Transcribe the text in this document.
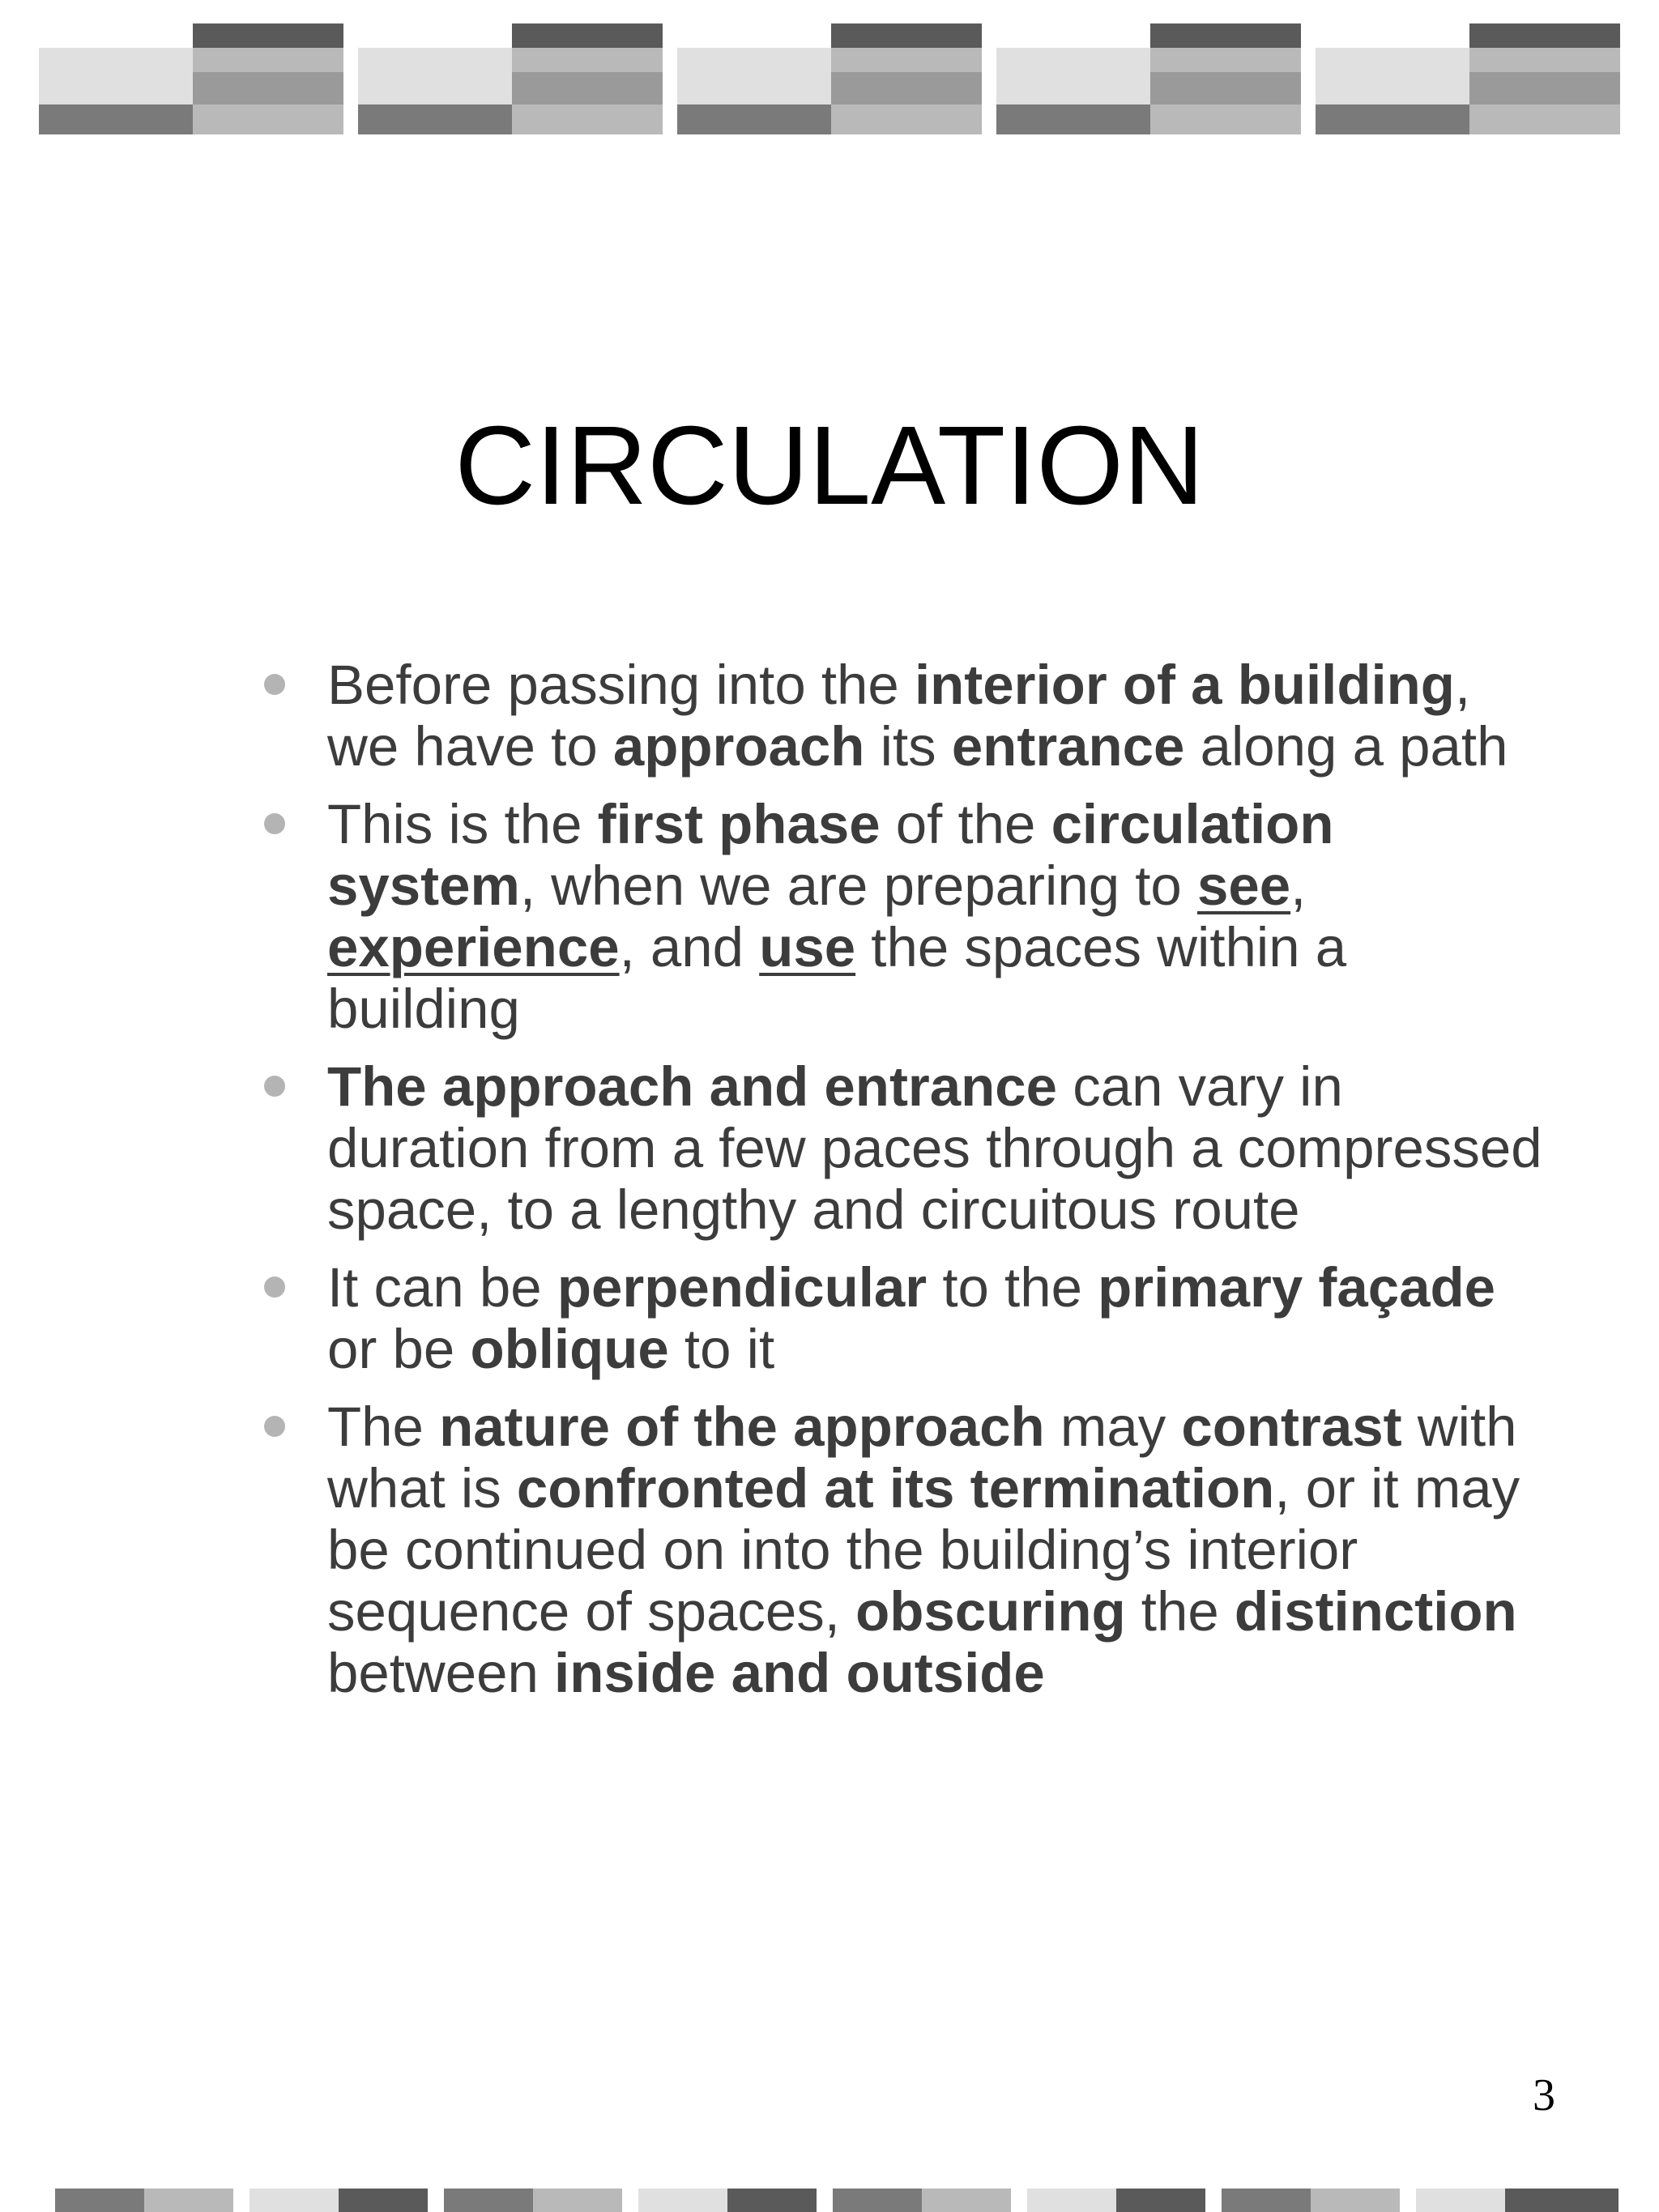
CIRCULATION
Before passing into the interior of a building, we have to approach its entrance along a path
This is the first phase of the circulation system, when we are preparing to see, experience, and use the spaces within a building
The approach and entrance can vary in duration from a few paces through a compressed space, to a lengthy and circuitous route
It can be perpendicular to the primary façade or be oblique to it
The nature of the approach may contrast with what is confronted at its termination, or it may be continued on into the building’s interior sequence of spaces, obscuring the distinction between inside and outside
3
